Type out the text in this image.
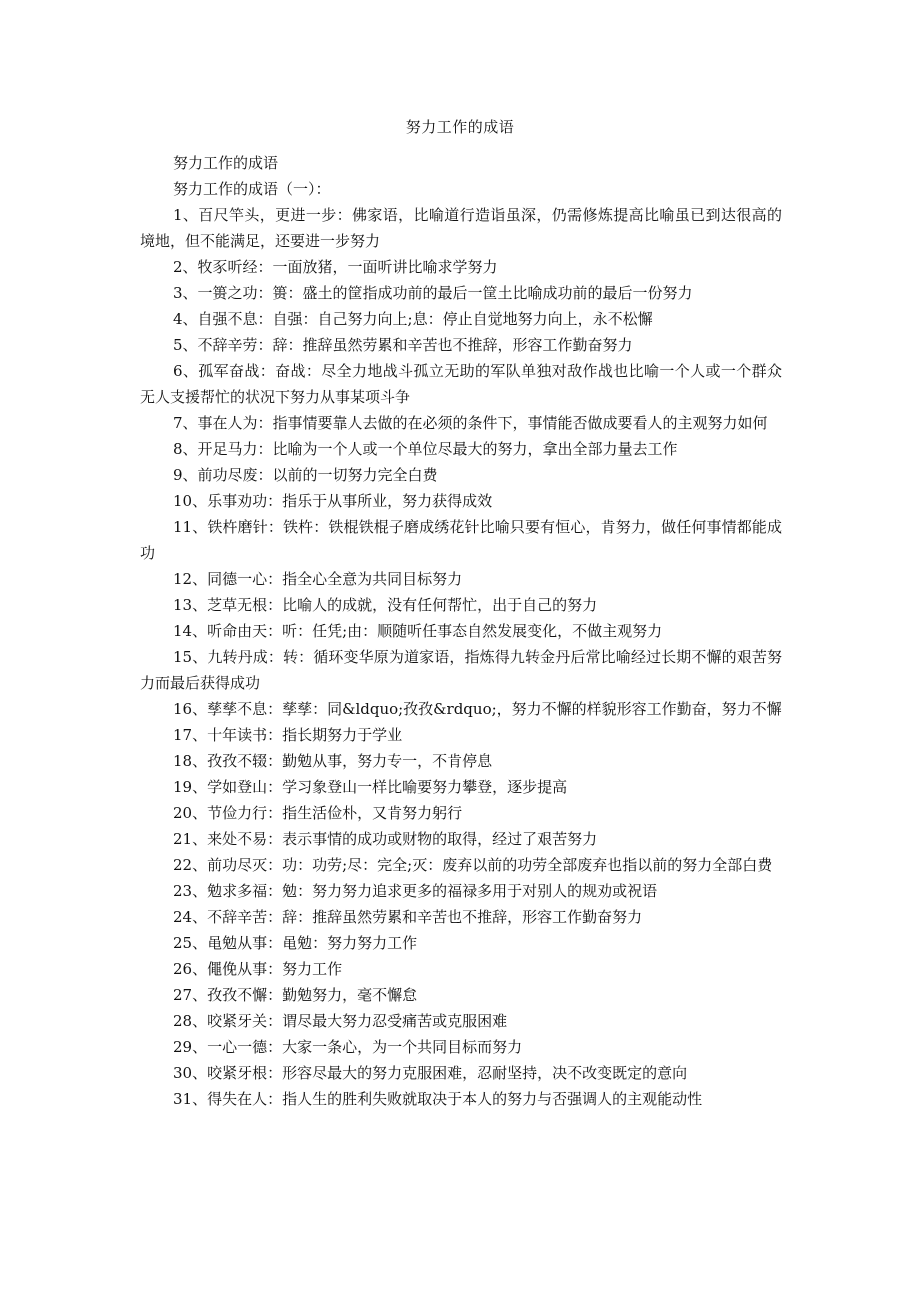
努力工作的成语

努力工作的成语

努力工作的成语（一）：

1、百尺竿头，更进一步：佛家语，比喻道行造诣虽深，仍需修炼提高比喻虽已到达很高的境地，但不能满足，还要进一步努力

2、牧豕听经：一面放猪，一面听讲比喻求学努力

3、一篑之功：篑：盛土的筐指成功前的最后一筐土比喻成功前的最后一份努力

4、自强不息：自强：自己努力向上;息：停止自觉地努力向上，永不松懈

5、不辞辛劳：辞：推辞虽然劳累和辛苦也不推辞，形容工作勤奋努力

6、孤军奋战：奋战：尽全力地战斗孤立无助的军队单独对敌作战也比喻一个人或一个群众无人支援帮忙的状况下努力从事某项斗争

7、事在人为：指事情要靠人去做的在必须的条件下，事情能否做成要看人的主观努力如何

8、开足马力：比喻为一个人或一个单位尽最大的努力，拿出全部力量去工作

9、前功尽废：以前的一切努力完全白费

10、乐事劝功：指乐于从事所业，努力获得成效

11、铁杵磨针：铁杵：铁棍铁棍子磨成绣花针比喻只要有恒心，肯努力，做任何事情都能成功

12、同德一心：指全心全意为共同目标努力

13、芝草无根：比喻人的成就，没有任何帮忙，出于自己的努力

14、听命由天：听：任凭;由：顺随听任事态自然发展变化，不做主观努力

15、九转丹成：转：循环变华原为道家语，指炼得九转金丹后常比喻经过长期不懈的艰苦努力而最后获得成功

16、孳孳不息：孳孳：同&ldquo;孜孜&rdquo;，努力不懈的样貌形容工作勤奋，努力不懈

17、十年读书：指长期努力于学业

18、孜孜不辍：勤勉从事，努力专一，不肯停息

19、学如登山：学习象登山一样比喻要努力攀登，逐步提高

20、节俭力行：指生活俭朴，又肯努力躬行

21、来处不易：表示事情的成功或财物的取得，经过了艰苦努力

22、前功尽灭：功：功劳;尽：完全;灭：废弃以前的功劳全部废弃也指以前的努力全部白费

23、勉求多福：勉：努力努力追求更多的福禄多用于对别人的规劝或祝语

24、不辞辛苦：辞：推辞虽然劳累和辛苦也不推辞，形容工作勤奋努力

25、黾勉从事：黾勉：努力努力工作

26、僶俛从事：努力工作

27、孜孜不懈：勤勉努力，毫不懈怠

28、咬紧牙关：谓尽最大努力忍受痛苦或克服困难

29、一心一德：大家一条心，为一个共同目标而努力

30、咬紧牙根：形容尽最大的努力克服困难，忍耐坚持，决不改变既定的意向

31、得失在人：指人生的胜利失败就取决于本人的努力与否强调人的主观能动性
